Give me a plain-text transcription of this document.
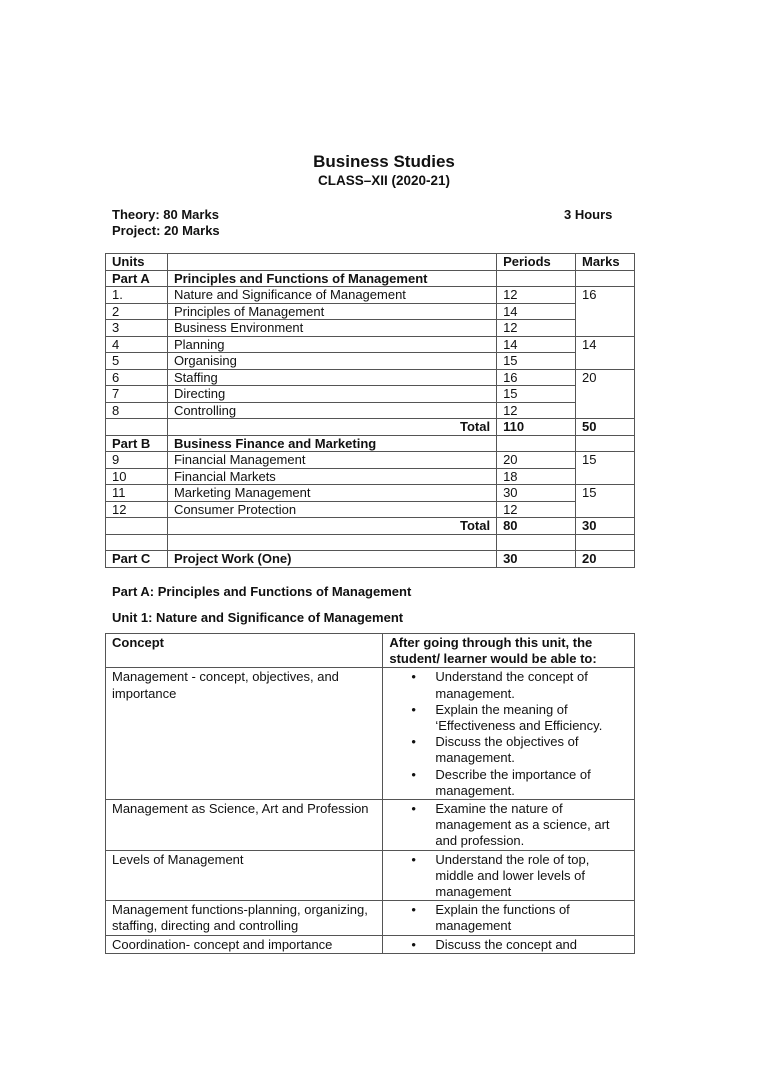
Business Studies
CLASS–XII (2020-21)
Theory: 80 Marks
Project: 20 Marks
3 Hours
Units		Periods	Marks
Part A	Principles and Functions of Management		
1.	Nature and Significance of Management	12	16
2	Principles of Management	14	
3	Business Environment	12	
4	Planning	14	14
5	Organising	15	
6	Staffing	16	20
7	Directing	15	
8	Controlling	12	
	Total	110	50
Part B	Business Finance and Marketing		
9	Financial Management	20	15
10	Financial Markets	18	
11	Marketing Management	30	15
12	Consumer Protection	12	
	Total	80	30

Part C	Project Work (One)	30	20
Part A: Principles and Functions of Management
Unit 1: Nature and Significance of Management
Concept	After going through this unit, the student/ learner would be able to:
Management - concept, objectives, and importance	
• Understand the concept of management.
• Explain the meaning of ‘Effectiveness and Efficiency.
• Discuss the objectives of management.
• Describe the importance of management.

Management as Science, Art and Profession	
•Examine the nature of management as a science, art and profession.

Levels of Management	
•Understand the role of top, middle and lower levels of management

Management functions-planning, organizing, staffing, directing and controlling	
• Explain the functions of management

Coordination- concept and importance	
•Discuss the concept and
